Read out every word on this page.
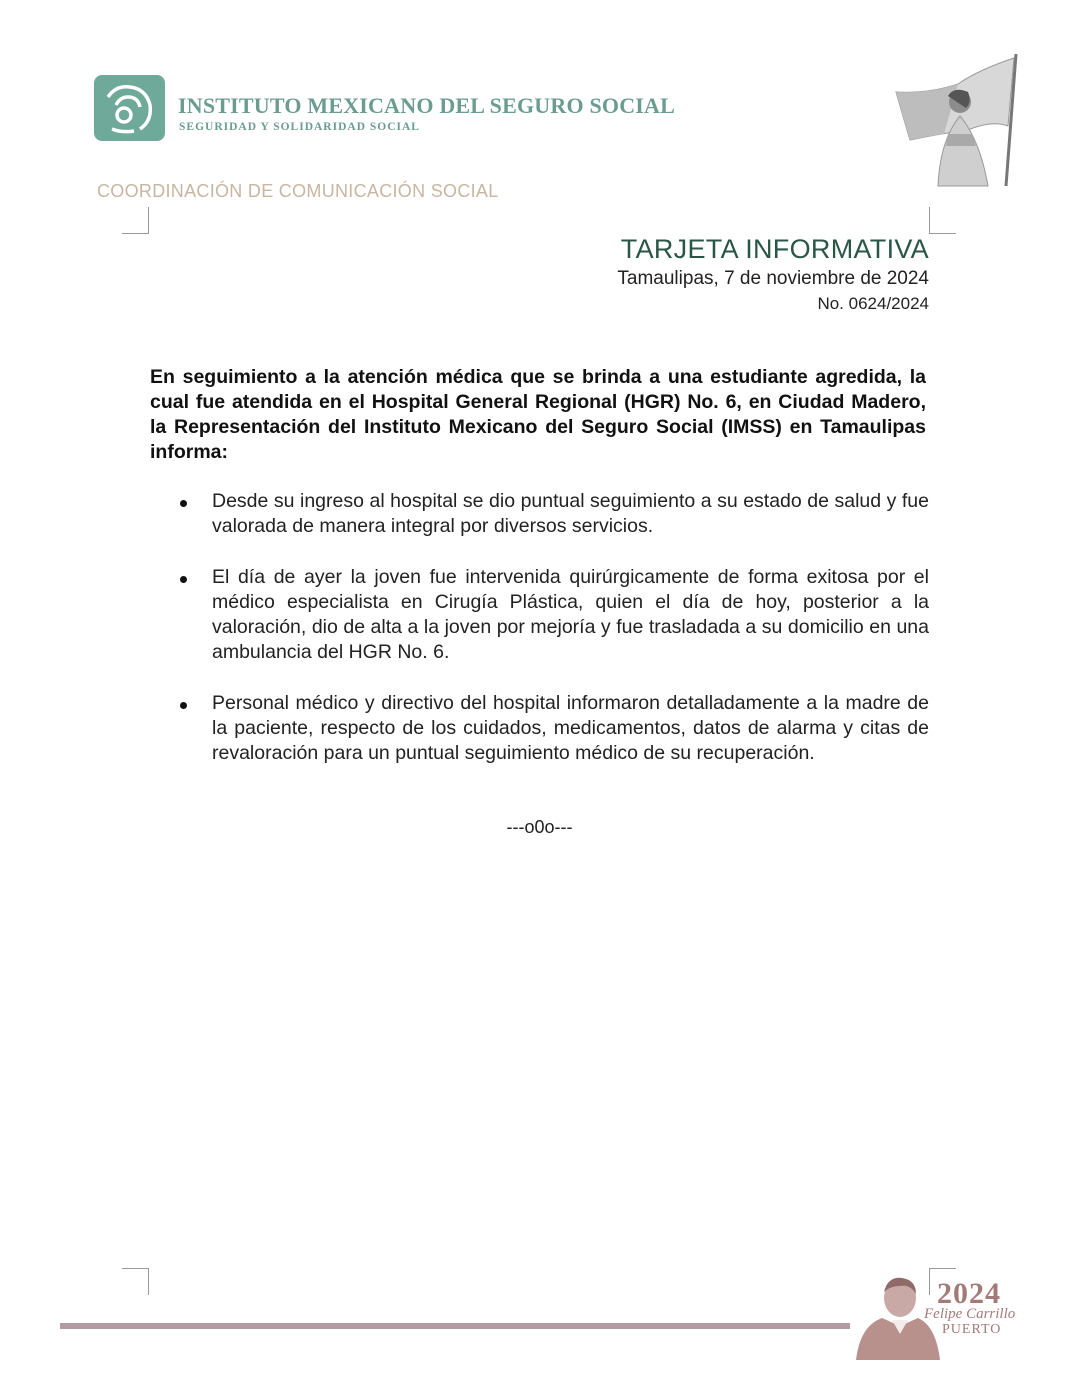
INSTITUTO MEXICANO DEL SEGURO SOCIAL
SEGURIDAD Y SOLIDARIDAD SOCIAL
COORDINACIÓN DE COMUNICACIÓN SOCIAL
TARJETA INFORMATIVA
Tamaulipas, 7 de noviembre de 2024
No. 0624/2024
En seguimiento a la atención médica que se brinda a una estudiante agredida, la cual fue atendida en el Hospital General Regional (HGR) No. 6, en Ciudad Madero, la Representación del Instituto Mexicano del Seguro Social (IMSS) en Tamaulipas informa:
Desde su ingreso al hospital se dio puntual seguimiento a su estado de salud y fue valorada de manera integral por diversos servicios.
El día de ayer la joven fue intervenida quirúrgicamente de forma exitosa por el médico especialista en Cirugía Plástica, quien el día de hoy, posterior a la valoración, dio de alta a la joven por mejoría y fue trasladada a su domicilio en una ambulancia del HGR No. 6.
Personal médico y directivo del hospital informaron detalladamente a la madre de la paciente, respecto de los cuidados, medicamentos, datos de alarma y citas de revaloración para un puntual seguimiento médico de su recuperación.
---o0o---
2024
Felipe Carrillo
PUERTO
